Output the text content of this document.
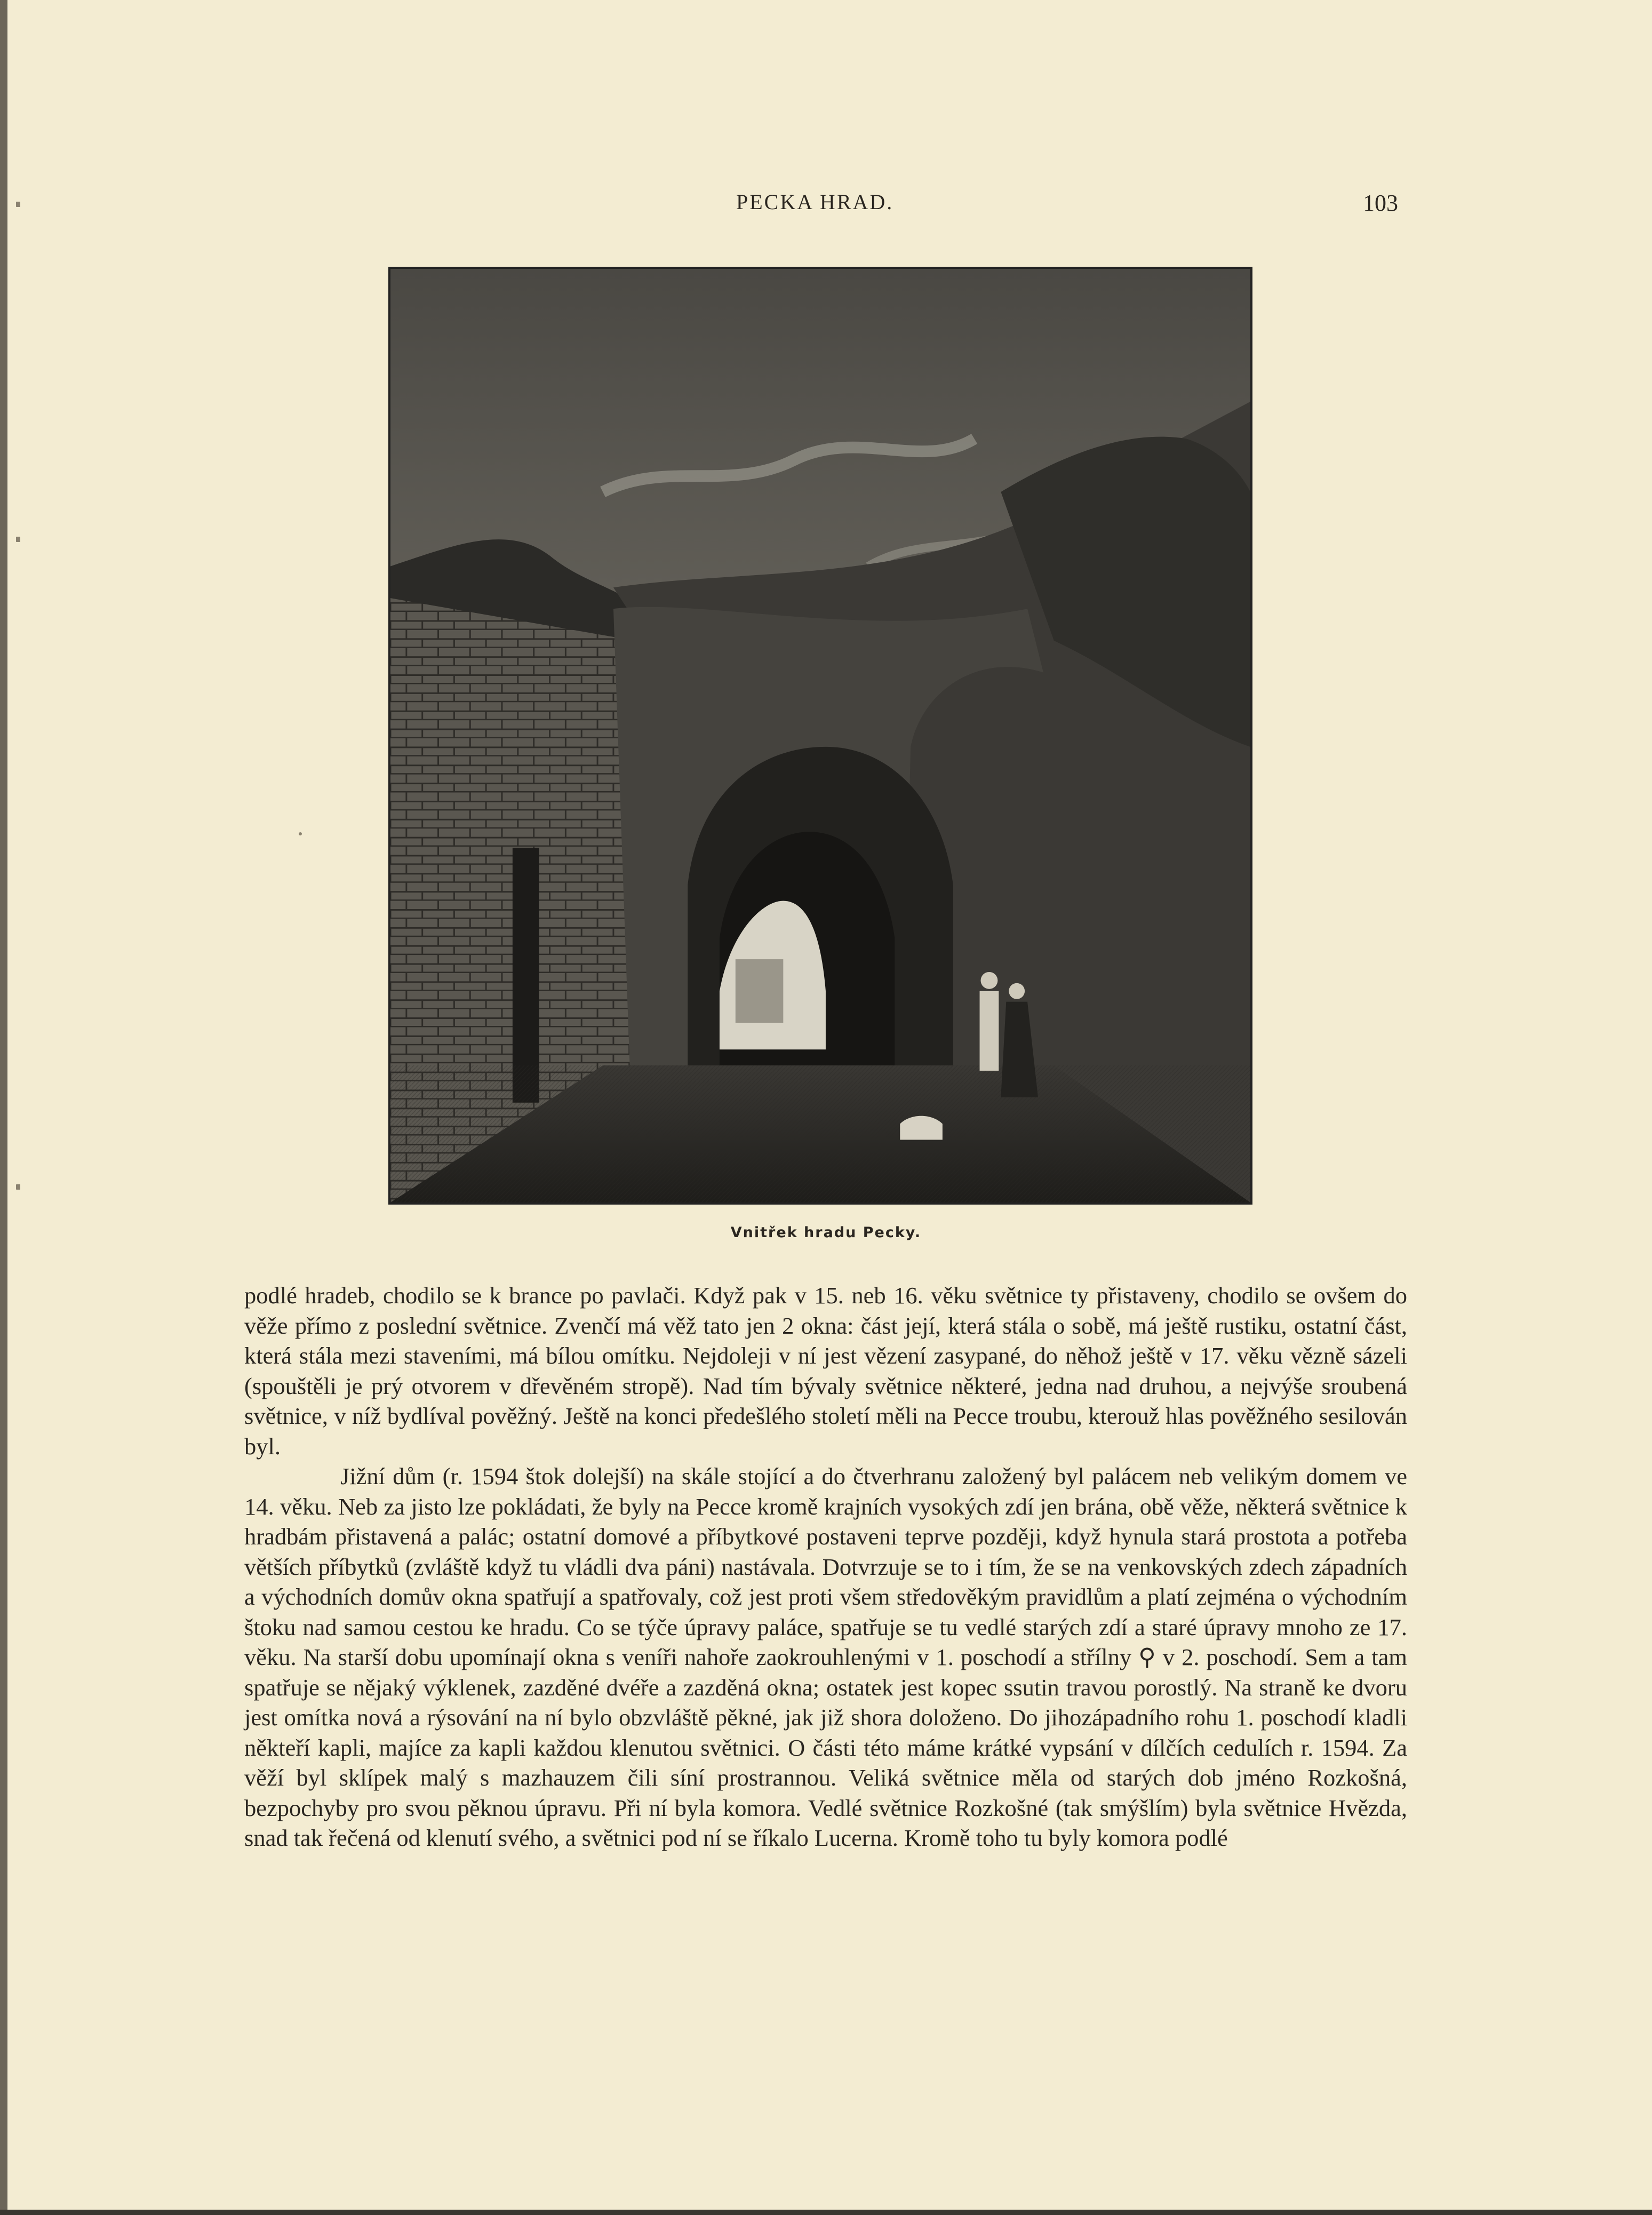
PECKA HRAD.	103
Vnitřek hradu Pecky.

podlé hradeb, chodilo se k brance po pavlači. Když pak v 15. neb 16. věku světnice ty přistaveny, chodilo se ovšem do věže přímo z poslední světnice. Zvenčí má věž tato jen 2 okna: část její, která stála o sobě, má ještě rustiku, ostatní část, která stála mezi staveními, má bílou omítku. Nejdoleji v ní jest vězení zasypané, do něhož ještě v 17. věku vězně sázeli (spouštěli je prý otvorem v dřevěném stropě). Nad tím bývaly světnice některé, jedna nad druhou, a nejvýše sroubená světnice, v níž bydlíval pověžný. Ještě na konci předešlého století měli na Pecce troubu, kterouž hlas pověžného sesilován byl.

Jižní dům (r. 1594 štok dolejší) na skále stojící a do čtverhranu založený byl palácem neb velikým domem ve 14. věku. Neb za jisto lze pokládati, že byly na Pecce kromě krajních vysokých zdí jen brána, obě věže, některá světnice k hradbám přistavená a palác; ostatní domové a příbytkové postaveni teprve později, když hynula stará prostota a potřeba větších příbytků (zvláště když tu vládli dva páni) nastávala. Dotvrzuje se to i tím, že se na venkovských zdech západních a východních domův okna spatřují a spatřovaly, což jest proti všem středověkým pravidlům a platí zejména o východním štoku nad samou cestou ke hradu. Co se týče úpravy paláce, spatřuje se tu vedlé starých zdí a staré úpravy mnoho ze 17. věku. Na starší dobu upomínají okna s veníři nahoře zaokrouhlenými v 1. poschodí a střílny ⚲ v 2. poschodí. Sem a tam spatřuje se nějaký výklenek, zazděné dvéře a zazděná okna; ostatek jest kopec ssutin travou porostlý. Na straně ke dvoru jest omítka nová a rýsování na ní bylo obzvláště pěkné, jak již shora doloženo. Do jihozápadního rohu 1. poschodí kladli někteří kapli, majíce za kapli každou klenutou světnici. O části této máme krátké vypsání v dílčích cedulích r. 1594. Za věží byl sklípek malý s mazhauzem čili síní prostrannou. Veliká světnice měla od starých dob jméno Rozkošná, bezpochyby pro svou pěknou úpravu. Při ní byla komora. Vedlé světnice Rozkošné (tak smýšlím) byla světnice Hvězda, snad tak řečená od klenutí svého, a světnici pod ní se říkalo Lucerna. Kromě toho tu byly komora podlé
